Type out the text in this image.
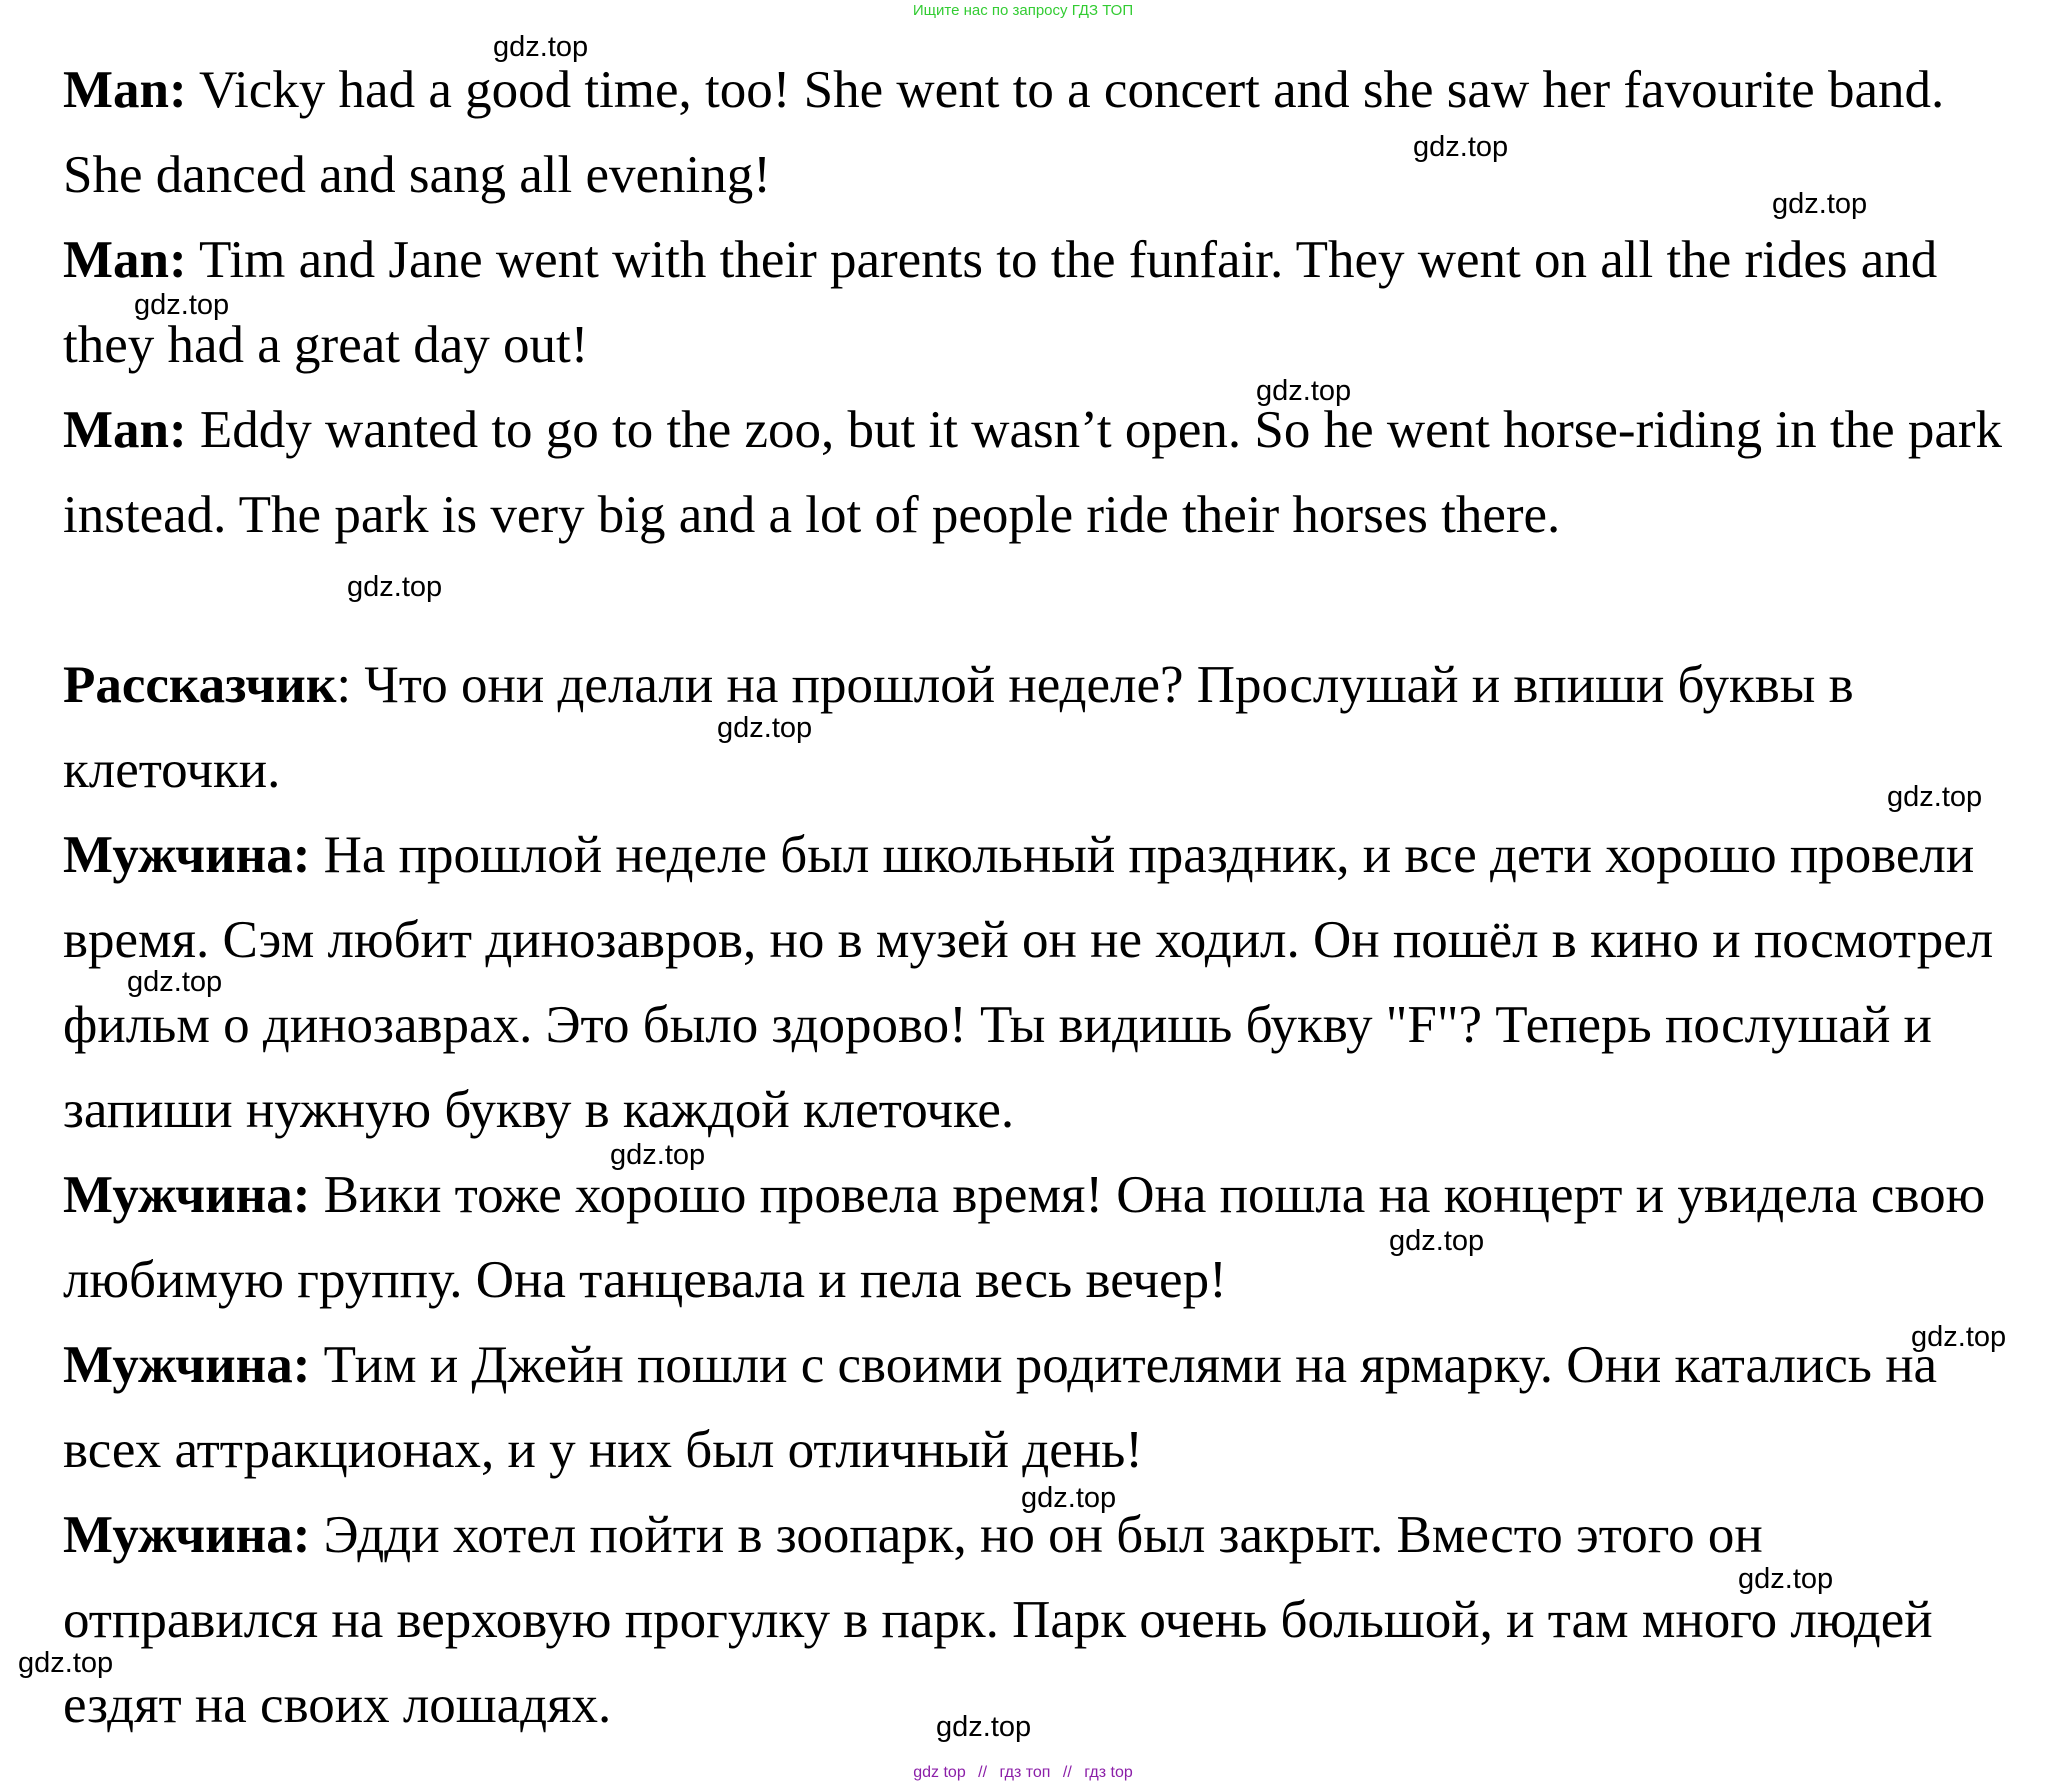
Ищите нас по запросу ГДЗ ТОП
Man: Vicky had a good time, too! She went to a concert and she saw her favourite band. She danced and sang all evening!
Man: Tim and Jane went with their parents to the funfair. They went on all the rides and they had a great day out!
Man: Eddy wanted to go to the zoo, but it wasn’t open. So he went horse-riding in the park instead. The park is very big and a lot of people ride their horses there.
Рассказчик: Что они делали на прошлой неделе? Прослушай и впиши буквы в клеточки.
Мужчина: На прошлой неделе был школьный праздник, и все дети хорошо провели время. Сэм любит динозавров, но в музей он не ходил. Он пошёл в кино и посмотрел фильм о динозаврах. Это было здорово! Ты видишь букву "F"? Теперь послушай и запиши нужную букву в каждой клеточке.
Мужчина: Вики тоже хорошо провела время! Она пошла на концерт и увидела свою любимую группу. Она танцевала и пела весь вечер!
Мужчина: Тим и Джейн пошли с своими родителями на ярмарку. Они катались на всех аттракционах, и у них был отличный день!
Мужчина: Эдди хотел пойти в зоопарк, но он был закрыт. Вместо этого он отправился на верховую прогулку в парк. Парк очень большой, и там много людей ездят на своих лошадях.
gdz.top
gdz.top
gdz.top
gdz.top
gdz.top
gdz.top
gdz.top
gdz.top
gdz.top
gdz.top
gdz.top
gdz.top
gdz.top
gdz.top
gdz.top
gdz.top
gdz top // гдз топ // гдз top
